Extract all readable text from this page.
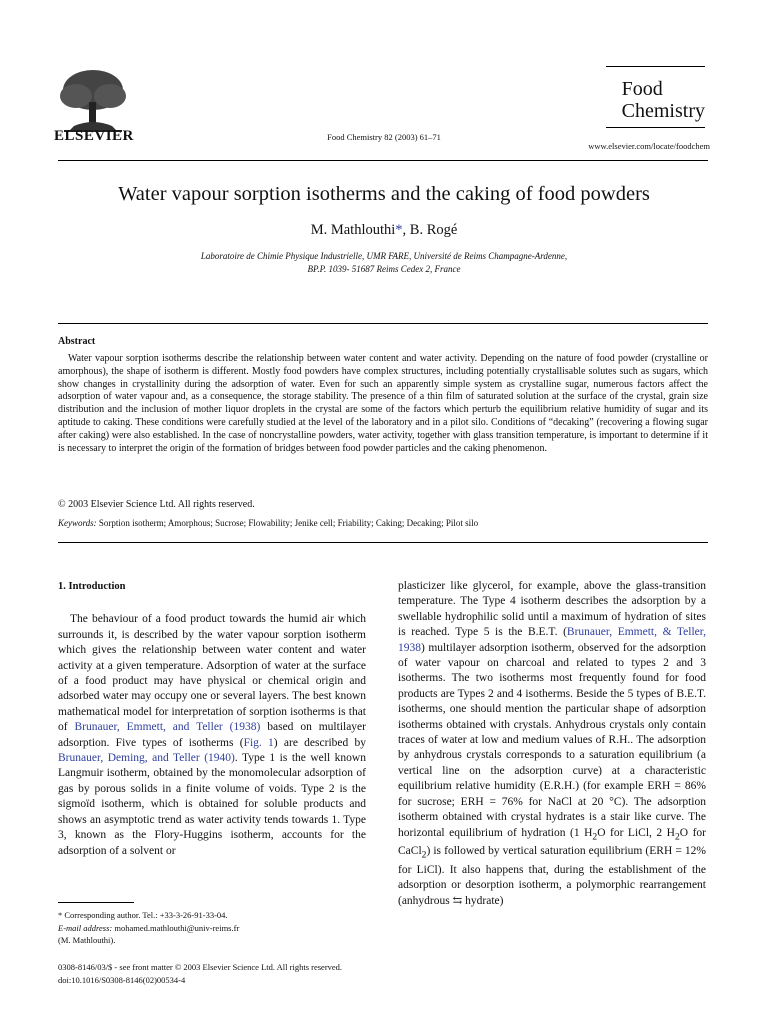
ELSEVIER	Food Chemistry 82 (2003) 61–71
Food
Chemistry
www.elsevier.com/locate/foodchem
Water vapour sorption isotherms and the caking of food powders
M. Mathlouthi*, B. Rogé
Laboratoire de Chimie Physique Industrielle, UMR FARE, Université de Reims Champagne-Ardenne,
BP.P. 1039- 51687 Reims Cedex 2, France
Abstract
Water vapour sorption isotherms describe the relationship between water content and water activity. Depending on the nature of food powder (crystalline or amorphous), the shape of isotherm is different. Mostly food powders have complex structures, including potentially crystallisable solutes such as sugars, which show changes in crystallinity during the adsorption of water. Even for such an apparently simple system as crystalline sugar, numerous factors affect the adsorption of water vapour and, as a consequence, the storage stability. The presence of a thin film of saturated solution at the surface of the crystal, grain size distribution and the inclusion of mother liquor droplets in the crystal are some of the factors which perturb the equilibrium relative humidity of sugar and its aptitude to caking. These conditions were carefully studied at the level of the laboratory and in a pilot silo. Conditions of “decaking” (recovering a flowing sugar after caking) were also established. In the case of noncrystalline powders, water activity, together with glass transition temperature, is important to determine if it is necessary to interpret the origin of the formation of bridges between food powder particles and the caking phenomenon.
© 2003 Elsevier Science Ltd. All rights reserved.
Keywords: Sorption isotherm; Amorphous; Sucrose; Flowability; Jenike cell; Friability; Caking; Decaking; Pilot silo
1. Introduction
The behaviour of a food product towards the humid air which surrounds it, is described by the water vapour sorption isotherm which gives the relationship between water content and water activity at a given temperature. Adsorption of water at the surface of a food product may have physical or chemical origin and adsorbed water may occupy one or several layers. The best known mathematical model for interpretation of sorption isotherms is that of Brunauer, Emmett, and Teller (1938) based on multilayer adsorption. Five types of isotherms (Fig. 1) are described by Brunauer, Deming, and Teller (1940). Type 1 is the well known Langmuir isotherm, obtained by the monomolecular adsorption of gas by porous solids in a finite volume of voids. Type 2 is the sigmoïd isotherm, which is obtained for soluble products and shows an asymptotic trend as water activity tends towards 1. Type 3, known as the Flory-Huggins isotherm, accounts for the adsorption of a solvent or
plasticizer like glycerol, for example, above the glass-transition temperature. The Type 4 isotherm describes the adsorption by a swellable hydrophilic solid until a maximum of hydration of sites is reached. Type 5 is the B.E.T. (Brunauer, Emmett, & Teller, 1938) multilayer adsorption isotherm, observed for the adsorption of water vapour on charcoal and related to types 2 and 3 isotherms. The two isotherms most frequently found for food products are Types 2 and 4 isotherms. Beside the 5 types of B.E.T. isotherms, one should mention the particular shape of adsorption isotherms obtained with crystals. Anhydrous crystals only contain traces of water at low and medium values of R.H.. The adsorption by anhydrous crystals corresponds to a saturation equilibrium (a vertical line on the adsorption curve) at a characteristic equilibrium relative humidity (E.R.H.) (for example ERH = 86% for sucrose; ERH = 76% for NaCl at 20 °C). The adsorption isotherm obtained with crystal hydrates is a stair like curve. The horizontal equilibrium of hydration (1 $H_2O$ for LiCl, 2 $H_2O$ for CaCl$_2$) is followed by vertical saturation equilibrium (ERH = 12% for LiCl). It also happens that, during the establishment of the adsorption or desorption isotherm, a polymorphic rearrangement (anhydrous ⇆ hydrate)
* Corresponding author. Tel.: +33-3-26-91-33-04.
E-mail address: mohamed.mathlouthi@univ-reims.fr
(M. Mathlouthi).
0308-8146/03/$ - see front matter © 2003 Elsevier Science Ltd. All rights reserved.
doi:10.1016/S0308-8146(02)00534-4
